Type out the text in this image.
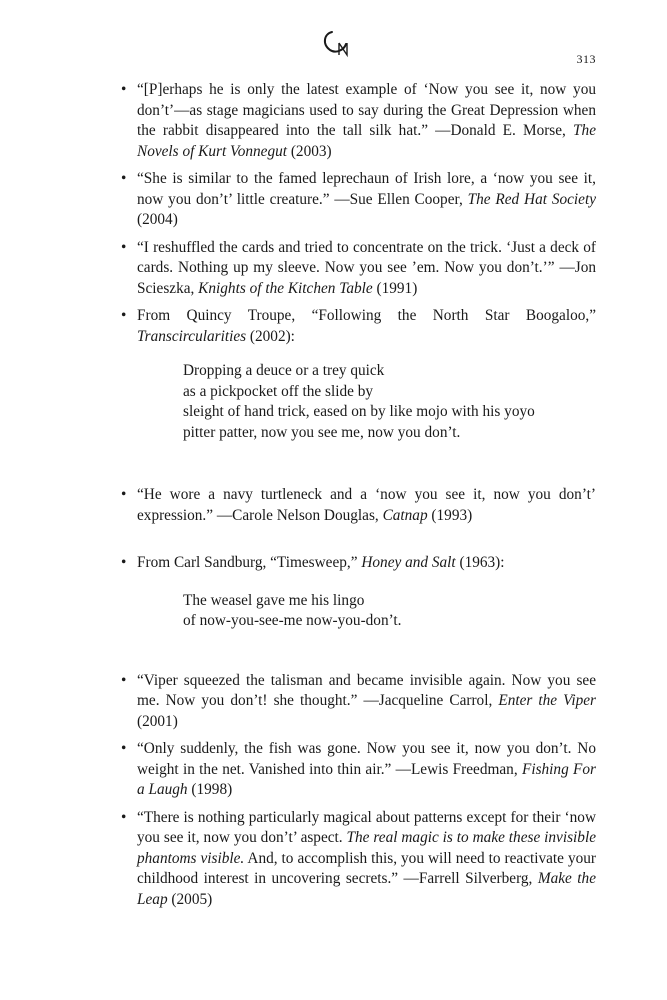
313
• “[P]erhaps he is only the latest example of ‘Now you see it, now you don’t’—as stage magicians used to say during the Great Depression when the rabbit disappeared into the tall silk hat.” —Donald E. Morse, The Novels of Kurt Vonnegut (2003)
• “She is similar to the famed leprechaun of Irish lore, a ‘now you see it, now you don’t’ little creature.” —Sue Ellen Cooper, The Red Hat Society (2004)
• “I reshuffled the cards and tried to concentrate on the trick. ‘Just a deck of cards. Nothing up my sleeve. Now you see ’em. Now you don’t.’” —Jon Scieszka, Knights of the Kitchen Table (1991)
• From Quincy Troupe, “Following the North Star Boogaloo,” Transcircularities (2002):
Dropping a deuce or a trey quick
as a pickpocket off the slide by
sleight of hand trick, eased on by like mojo with his yoyo
pitter patter, now you see me, now you don’t.
• “He wore a navy turtleneck and a ‘now you see it, now you don’t’ expression.” —Carole Nelson Douglas, Catnap (1993)
• From Carl Sandburg, “Timesweep,” Honey and Salt (1963):
The weasel gave me his lingo
of now-you-see-me now-you-don’t.
• “Viper squeezed the talisman and became invisible again. Now you see me. Now you don’t! she thought.” —Jacqueline Carrol, Enter the Viper (2001)
• “Only suddenly, the fish was gone. Now you see it, now you don’t. No weight in the net. Vanished into thin air.” —Lewis Freedman, Fishing For a Laugh (1998)
• “There is nothing particularly magical about patterns except for their ‘now you see it, now you don’t’ aspect. The real magic is to make these invisible phantoms visible. And, to accomplish this, you will need to reactivate your childhood interest in uncovering secrets.” —Farrell Silverberg, Make the Leap (2005)
